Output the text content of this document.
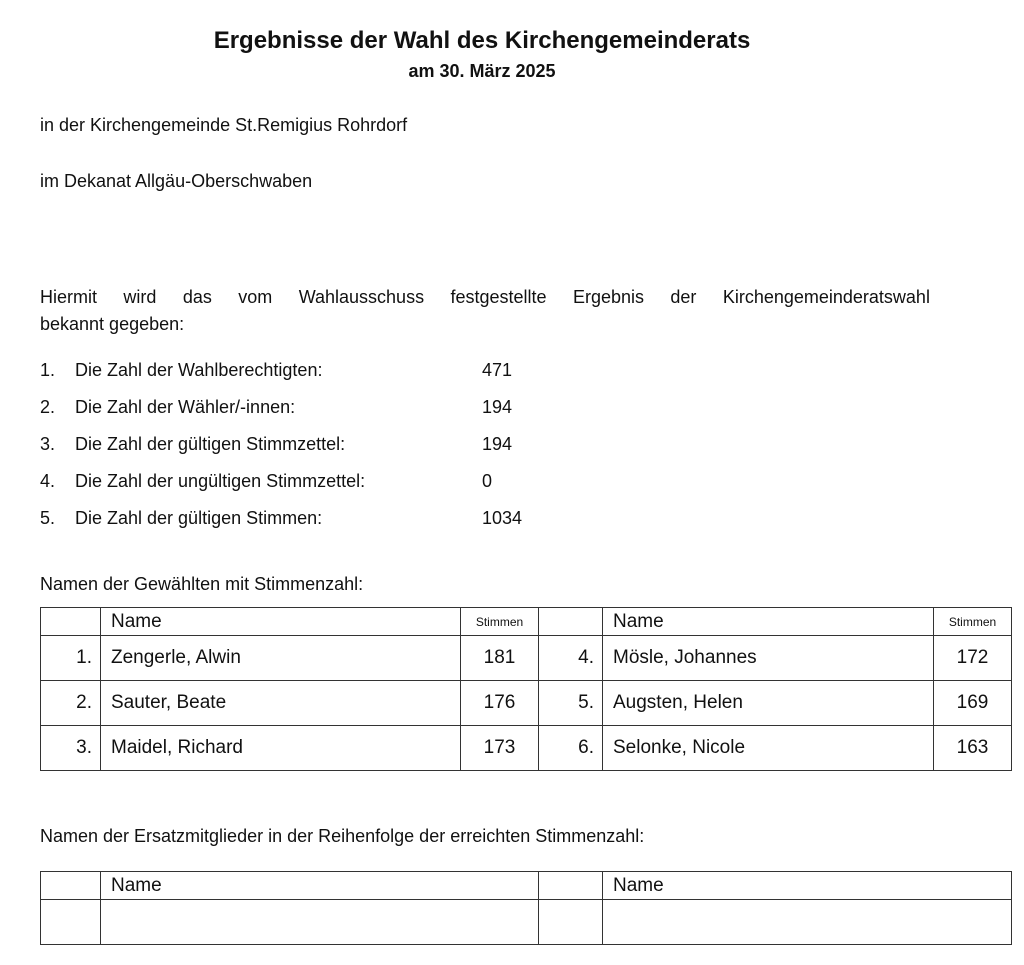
Ergebnisse der Wahl des Kirchengemeinderats
am 30. März 2025

in der Kirchengemeinde St.Remigius Rohrdorf

im Dekanat Allgäu-Oberschwaben

Hiermit wird das vom Wahlausschuss festgestellte Ergebnis der Kirchengemeinderatswahl
bekannt gegeben:
1.	Die Zahl der Wahlberechtigten:	471
2.	Die Zahl der Wähler/-innen:	194
3.	Die Zahl der gültigen Stimmzettel:	194
4.	Die Zahl der ungültigen Stimmzettel:	0
5.	Die Zahl der gültigen Stimmen:	1034

Namen der Gewählten mit Stimmenzahl:

	Name	Stimmen		Name	Stimmen
1.	Zengerle, Alwin	181	4.	Mösle, Johannes	172
2.	Sauter, Beate	176	5.	Augsten, Helen	169
3.	Maidel, Richard	173	6.	Selonke, Nicole	163

Namen der Ersatzmitglieder in der Reihenfolge der erreichten Stimmenzahl:

	Name		Name
